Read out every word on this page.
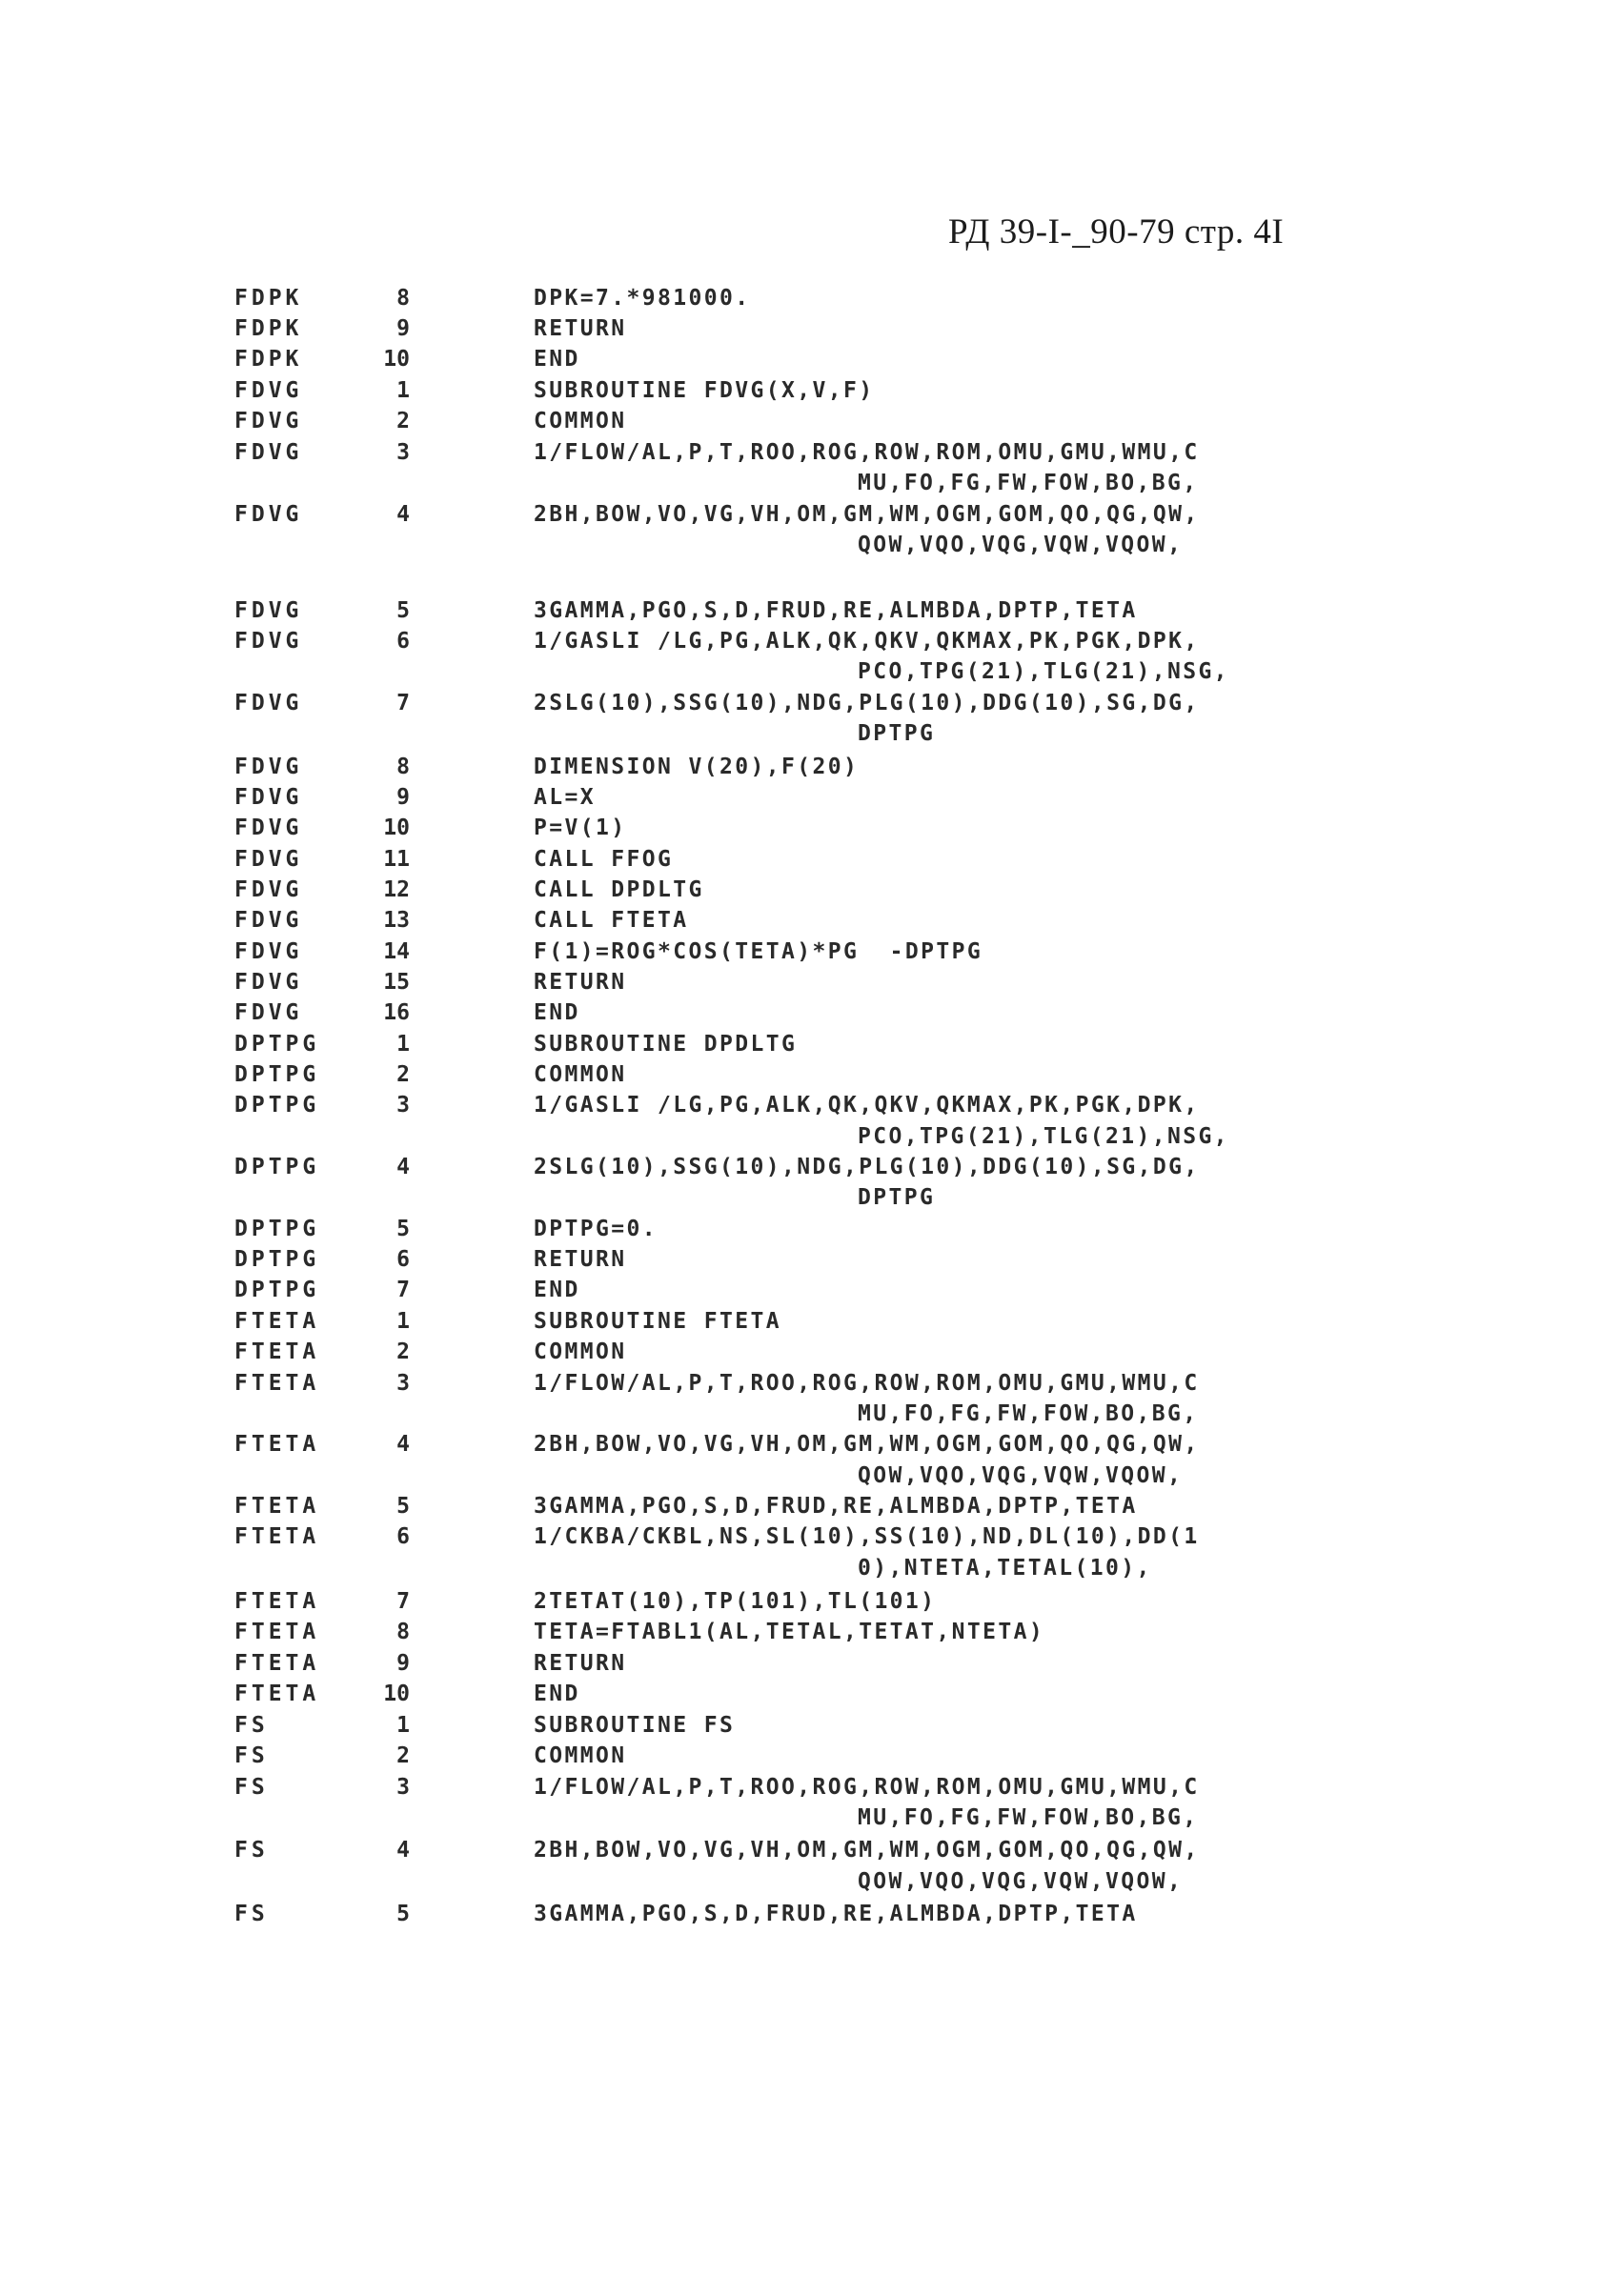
РД 39-І-_90-79 стр. 4І
FDPK	8	DPK=7.*981000.
FDPK	9	RETURN
FDPK	10	END
FDVG	1	SUBROUTINE FDVG(X,V,F)
FDVG	2	COMMON
FDVG	3	1/FLOW/AL,P,T,ROO,ROG,ROW,ROM,OMU,GMU,WMU,C
MU,FO,FG,FW,FOW,BO,BG,
FDVG	4	2BH,BOW,VO,VG,VH,OM,GM,WM,OGM,GOM,QO,QG,QW,
QOW,VQO,VQG,VQW,VQOW,
FDVG	5	3GAMMA,PGO,S,D,FRUD,RE,ALMBDA,DPTP,TETA
FDVG	6	1/GASLI /LG,PG,ALK,QK,QKV,QKMAX,PK,PGK,DPK,
PCO,TPG(21),TLG(21),NSG,
FDVG	7	2SLG(10),SSG(10),NDG,PLG(10),DDG(10),SG,DG,
DPTPG
FDVG	8	DIMENSION V(20),F(20)
FDVG	9	AL=X
FDVG	10	P=V(1)
FDVG	11	CALL FFOG
FDVG	12	CALL DPDLTG
FDVG	13	CALL FTETA
FDVG	14	F(1)=ROG*COS(TETA)*PG  -DPTPG
FDVG	15	RETURN
FDVG	16	END
DPTPG	1	SUBROUTINE DPDLTG
DPTPG	2	COMMON
DPTPG	3	1/GASLI /LG,PG,ALK,QK,QKV,QKMAX,PK,PGK,DPK,
PCO,TPG(21),TLG(21),NSG,
DPTPG	4	2SLG(10),SSG(10),NDG,PLG(10),DDG(10),SG,DG,
DPTPG
DPTPG	5	DPTPG=0.
DPTPG	6	RETURN
DPTPG	7	END
FTETA	1	SUBROUTINE FTETA
FTETA	2	COMMON
FTETA	3	1/FLOW/AL,P,T,ROO,ROG,ROW,ROM,OMU,GMU,WMU,C
MU,FO,FG,FW,FOW,BO,BG,
FTETA	4	2BH,BOW,VO,VG,VH,OM,GM,WM,OGM,GOM,QO,QG,QW,
QOW,VQO,VQG,VQW,VQOW,
FTETA	5	3GAMMA,PGO,S,D,FRUD,RE,ALMBDA,DPTP,TETA
FTETA	6	1/CKBA/CKBL,NS,SL(10),SS(10),ND,DL(10),DD(1
0),NTETA,TETAL(10),
FTETA	7	2TETAT(10),TP(101),TL(101)
FTETA	8	TETA=FTABL1(AL,TETAL,TETAT,NTETA)
FTETA	9	RETURN
FTETA	10	END
FS	1	SUBROUTINE FS
FS	2	COMMON
FS	3	1/FLOW/AL,P,T,ROO,ROG,ROW,ROM,OMU,GMU,WMU,C
MU,FO,FG,FW,FOW,BO,BG,
FS	4	2BH,BOW,VO,VG,VH,OM,GM,WM,OGM,GOM,QO,QG,QW,
QOW,VQO,VQG,VQW,VQOW,
FS	5	3GAMMA,PGO,S,D,FRUD,RE,ALMBDA,DPTP,TETA
